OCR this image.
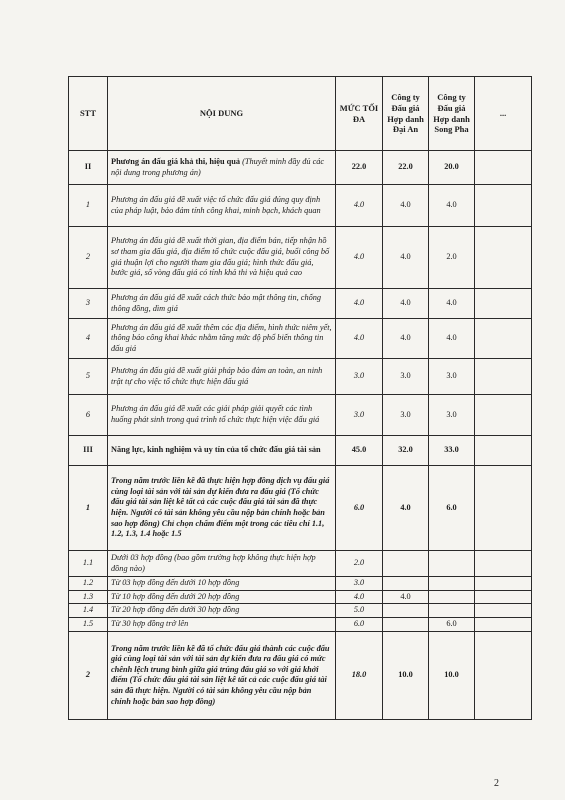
STT	NỘI DUNG	MỨC TỐI ĐA	Công ty Đấu giá Hợp danh Đại An	Công ty Đấu giá Hợp danh Song Pha	...
II	Phương án đấu giá khả thi, hiệu quả (Thuyết minh đầy đủ các nội dung trong phương án)	22.0	22.0	20.0	
1	Phương án đấu giá đề xuất việc tổ chức đấu giá đúng quy định của pháp luật, bảo đảm tính công khai, minh bạch, khách quan	4.0	4.0	4.0	
2	Phương án đấu giá đề xuất thời gian, địa điểm bán, tiếp nhận hồ sơ tham gia đấu giá, địa điểm tổ chức cuộc đấu giá, buổi công bố giá thuận lợi cho người tham gia đấu giá; hình thức đấu giá, bước giá, số vòng đấu giá có tính khả thi và hiệu quả cao	4.0	4.0	2.0	
3	Phương án đấu giá đề xuất cách thức bảo mật thông tin, chống thông đồng, dìm giá	4.0	4.0	4.0	
4	Phương án đấu giá đề xuất thêm các địa điểm, hình thức niêm yết, thông báo công khai khác nhằm tăng mức độ phổ biến thông tin đấu giá	4.0	4.0	4.0	
5	Phương án đấu giá đề xuất giải pháp bảo đảm an toàn, an ninh trật tự cho việc tổ chức thực hiện đấu giá	3.0	3.0	3.0	
6	Phương án đấu giá đề xuất các giải pháp giải quyết các tình huống phát sinh trong quá trình tổ chức thực hiện việc đấu giá	3.0	3.0	3.0	
III	Năng lực, kinh nghiệm và uy tín của tổ chức đấu giá tài sản	45.0	32.0	33.0	
1	Trong năm trước liền kề đã thực hiện hợp đồng dịch vụ đấu giá cùng loại tài sản với tài sản dự kiến đưa ra đấu giá (Tổ chức đấu giá tài sản liệt kê tất cả các cuộc đấu giá tài sản đã thực hiện. Người có tài sản không yêu cầu nộp bản chính hoặc bản sao hợp đồng) Chỉ chọn chấm điểm một trong các tiêu chí 1.1, 1.2, 1.3, 1.4 hoặc 1.5	6.0	4.0	6.0	
1.1	Dưới 03 hợp đồng (bao gồm trường hợp không thực hiện hợp đồng nào)	2.0			
1.2	Từ 03 hợp đồng đến dưới 10 hợp đồng	3.0			
1.3	Từ 10 hợp đồng đến dưới 20 hợp đồng	4.0	4.0		
1.4	Từ 20 hợp đồng đến dưới 30 hợp đồng	5.0			
1.5	Từ 30 hợp đồng trở lên	6.0		6.0	
2	Trong năm trước liền kề đã tổ chức đấu giá thành các cuộc đấu giá cùng loại tài sản với tài sản dự kiến đưa ra đấu giá có mức chênh lệch trung bình giữa giá trúng đấu giá so với giá khởi điểm (Tổ chức đấu giá tài sản liệt kê tất cả các cuộc đấu giá tài sản đã thực hiện. Người có tài sản không yêu cầu nộp bản chính hoặc bản sao hợp đồng)	18.0	10.0	10.0	
2
